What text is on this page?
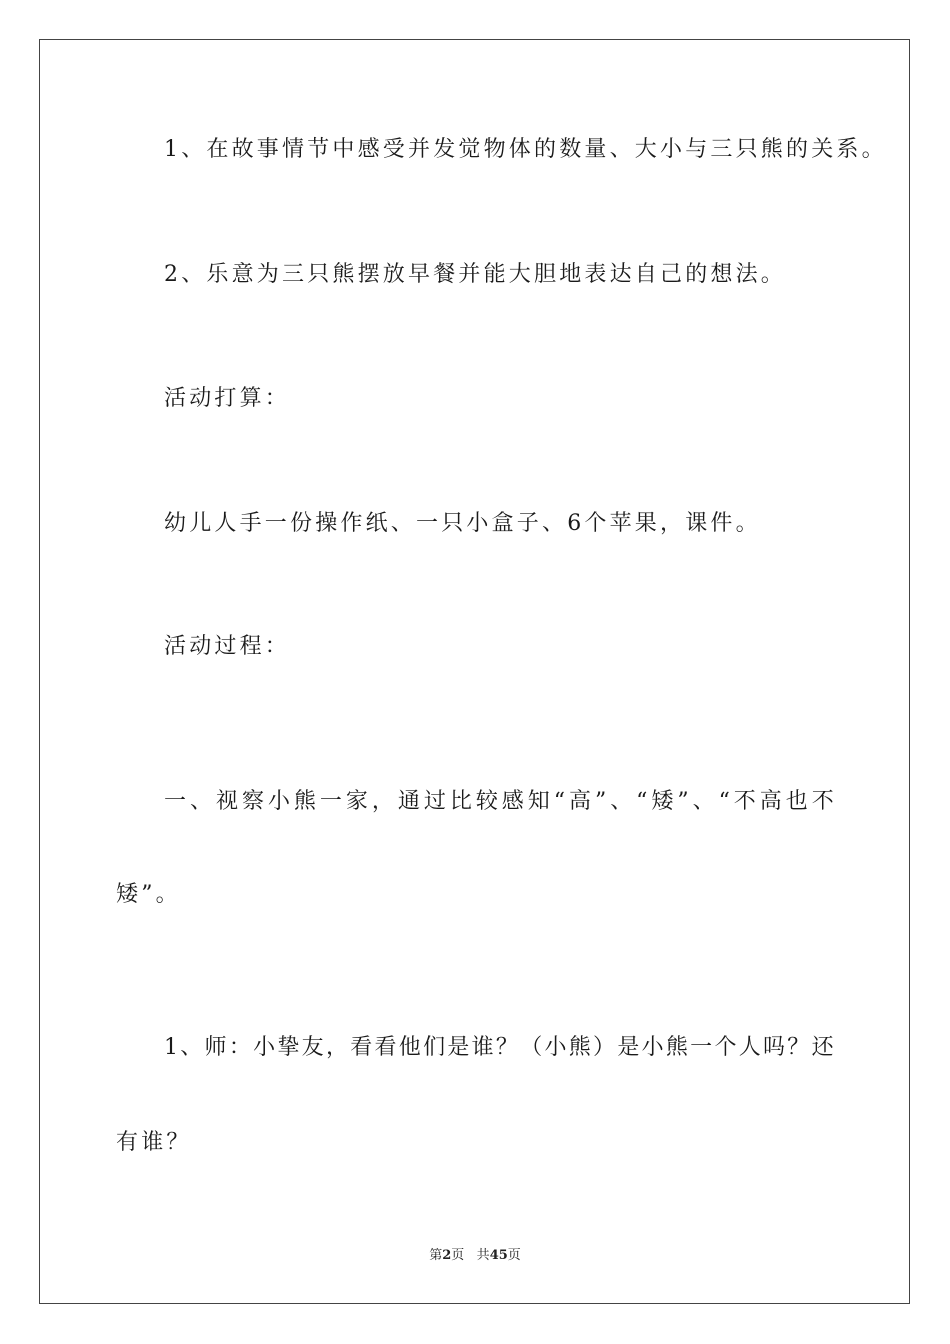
1、在故事情节中感受并发觉物体的数量、大小与三只熊的关系。
2、乐意为三只熊摆放早餐并能大胆地表达自己的想法。
活动打算：
幼儿人手一份操作纸、一只小盒子、6个苹果，课件。
活动过程：
一 、 视 察 小 熊 一 家 ， 通 过 比 较 感 知 “ 高 ” 、 “ 矮 ” 、 “ 不 高 也 不
矮”。
1 、 师 ： 小 挚 友 ， 看 看 他 们 是 谁 ？ （ 小 熊 ） 是 小 熊 一 个 人 吗 ？ 还
有谁？
第2页 共45页
